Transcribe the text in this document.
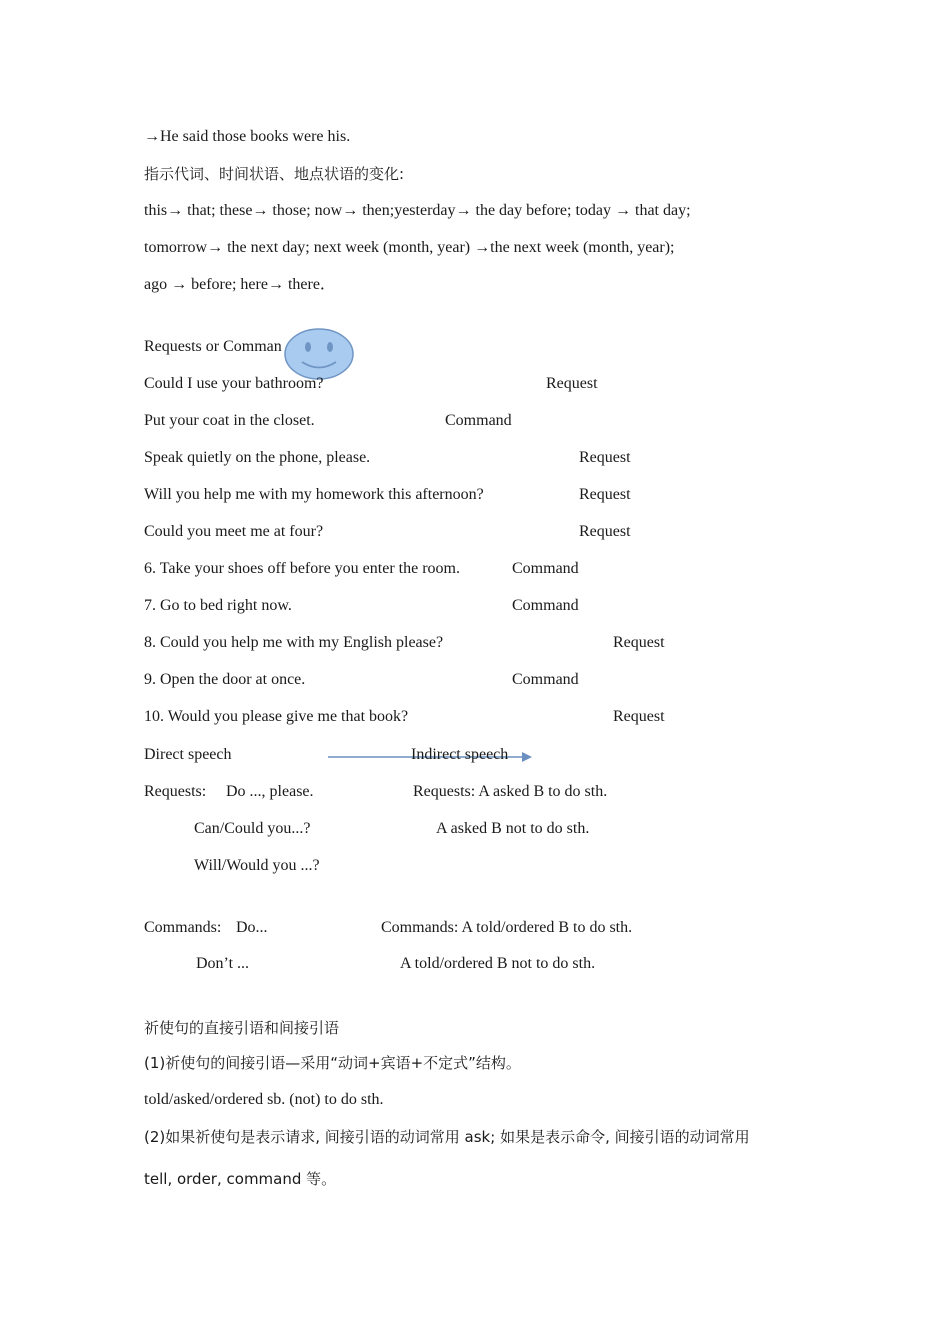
→He said those books were his.
指示代词、时间状语、地点状语的变化:
this→ that; these→ those; now→ then;yesterday→ the day before; today → that day;
tomorrow→ the next day; next week (month, year) →the next week (month, year);
ago → before; here→ there．
Requests or Comman
Could I use your bathroom?	Request
Put your coat in the closet.	Command
Speak quietly on the phone, please.	Request
Will you help me with my homework this afternoon?	Request
Could you meet me at four?	Request
6. Take your shoes off before you enter the room.	Command
7. Go to bed right now.	Command
8. Could you help me with my English please?	Request
9. Open the door at once.	Command
10. Would you please give me that book?	Request
Direct speech	Indirect speech
Requests: Do ..., please.	Requests: A asked B to do sth.
Can/Could you...?	A asked B not to do sth.
Will/Would you ...?
Commands: Do...	Commands: A told/ordered B to do sth.
Don’t ...	A told/ordered B not to do sth.
祈使句的直接引语和间接引语
(1)祈使句的间接引语—采用“动词+宾语+不定式”结构。
told/asked/ordered sb. (not) to do sth.
(2)如果祈使句是表示请求, 间接引语的动词常用 ask; 如果是表示命令, 间接引语的动词常用
tell, order, command 等。
